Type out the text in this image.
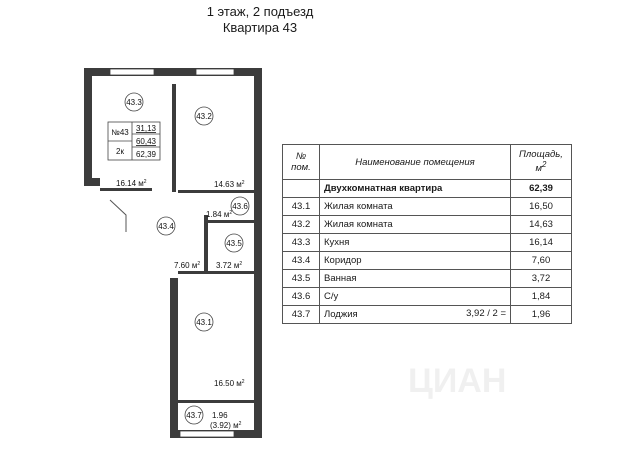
1 этаж, 2 подъезд
Квартира 43
43.3
43.2
43.4
43.6
43.5
43.1
43.7
№43
2к
31,13
60,43
62,39
16.14 $м^2$	14.63 $м^2$
1.84 $м^2$
7.60 $м^2$ 3.72 $м^2$
16.50 $м^2$
1.96
(3.92) $м^2$
№ пом.	Наименование помещения	Площадь, $м^2$
	Двухкомнатная квартира	62,39
43.1	Жилая комната	16,50
43.2	Жилая комната	14,63
43.3	Кухня	16,14
43.4	Коридор	7,60
43.5	Ванная	3,72
43.6	С/у	1,84
43.7	Лоджия 3,92 / 2 =	1,96
ЦИАН
